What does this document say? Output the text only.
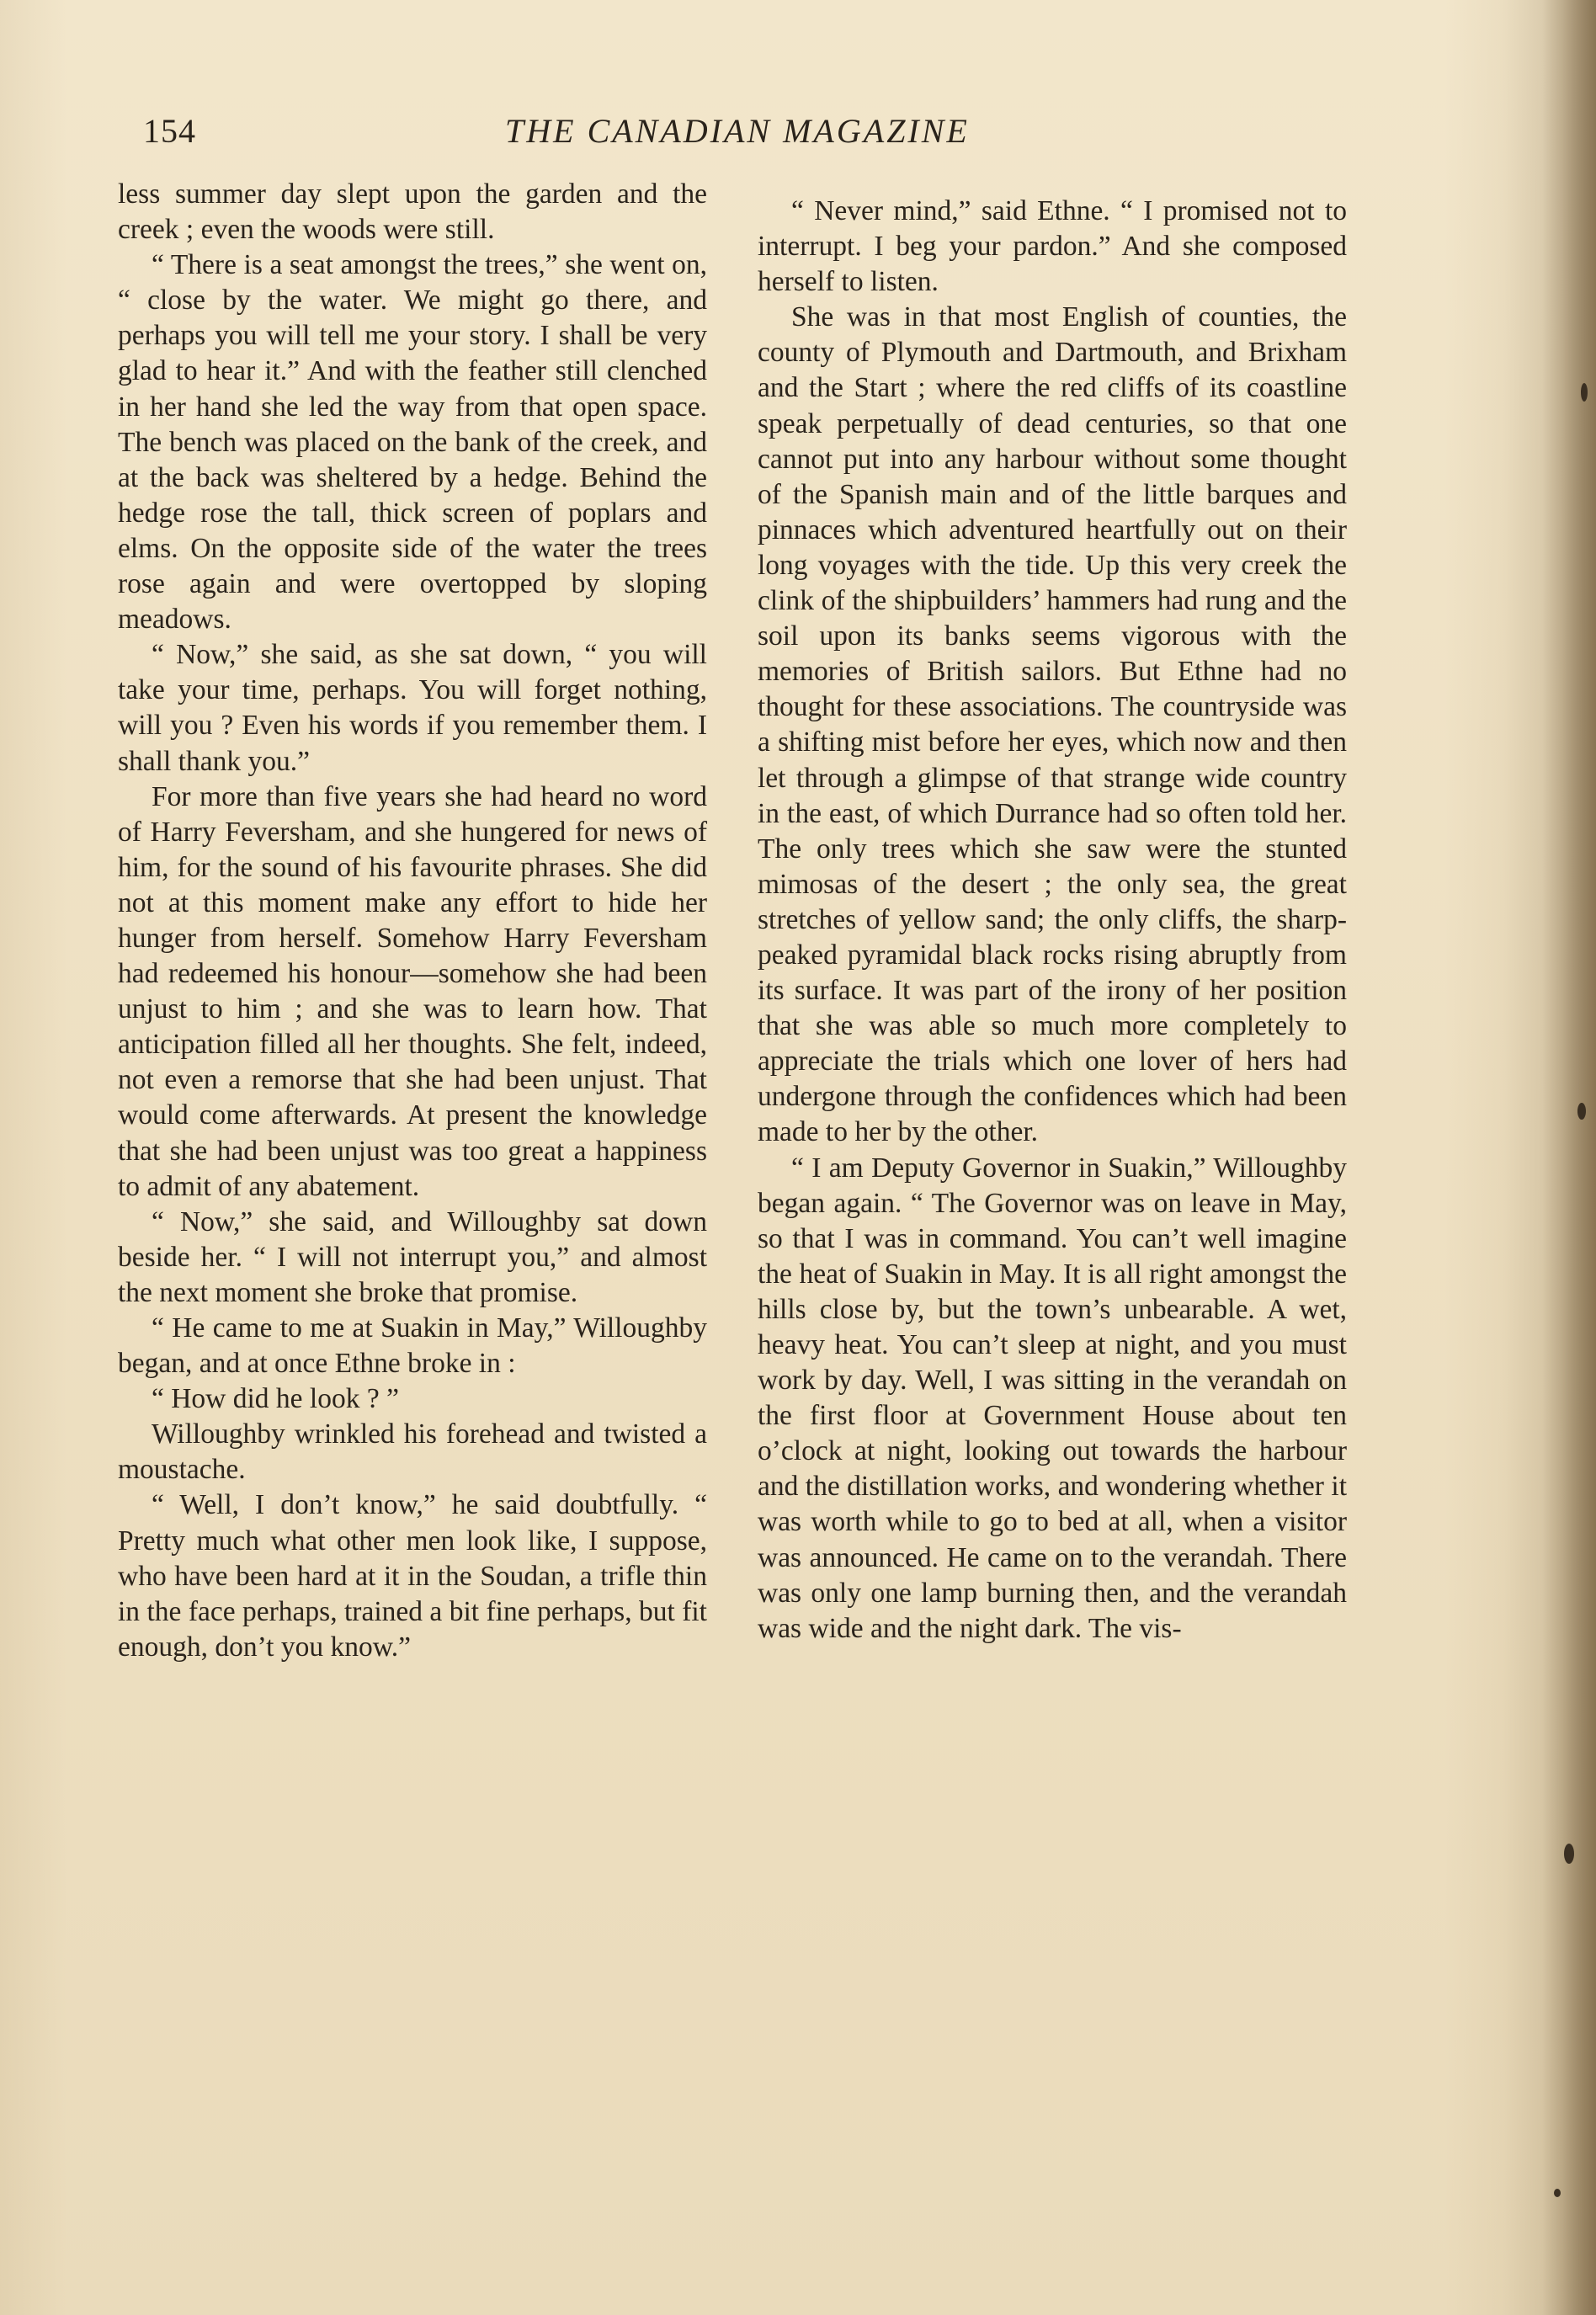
154	THE CANADIAN MAGAZINE

less summer day slept upon the garden and the creek ; even the woods were still.

“ There is a seat amongst the trees,” she went on, “ close by the water. We might go there, and perhaps you will tell me your story. I shall be very glad to hear it.” And with the feather still clenched in her hand she led the way from that open space. The bench was placed on the bank of the creek, and at the back was sheltered by a hedge. Behind the hedge rose the tall, thick screen of poplars and elms. On the opposite side of the water the trees rose again and were overtopped by sloping meadows.

“ Now,” she said, as she sat down, “ you will take your time, perhaps. You will forget nothing, will you ? Even his words if you remember them. I shall thank you.”

For more than five years she had heard no word of Harry Feversham, and she hungered for news of him, for the sound of his favourite phrases. She did not at this moment make any effort to hide her hunger from herself. Somehow Harry Feversham had redeemed his honour—somehow she had been unjust to him ; and she was to learn how. That anticipation filled all her thoughts. She felt, indeed, not even a remorse that she had been unjust. That would come afterwards. At present the knowledge that she had been unjust was too great a happiness to admit of any abatement.

“ Now,” she said, and Willoughby sat down beside her. “ I will not interrupt you,” and almost the next moment she broke that promise.

“ He came to me at Suakin in May,” Willoughby began, and at once Ethne broke in :

“ How did he look ? ”

Willoughby wrinkled his forehead and twisted a moustache.

“ Well, I don’t know,” he said doubtfully. “ Pretty much what other men look like, I suppose, who have been hard at it in the Soudan, a trifle thin in the face perhaps, trained a bit fine perhaps, but fit enough, don’t you know.”

“ Never mind,” said Ethne. “ I promised not to interrupt. I beg your pardon.” And she composed herself to listen.

She was in that most English of counties, the county of Plymouth and Dartmouth, and Brixham and the Start ; where the red cliffs of its coastline speak perpetually of dead centuries, so that one cannot put into any harbour without some thought of the Spanish main and of the little barques and pinnaces which adventured heartfully out on their long voyages with the tide. Up this very creek the clink of the shipbuilders’ hammers had rung and the soil upon its banks seems vigorous with the memories of British sailors. But Ethne had no thought for these associations. The countryside was a shifting mist before her eyes, which now and then let through a glimpse of that strange wide country in the east, of which Durrance had so often told her. The only trees which she saw were the stunted mimosas of the desert ; the only sea, the great stretches of yellow sand; the only cliffs, the sharp-peaked pyramidal black rocks rising abruptly from its surface. It was part of the irony of her position that she was able so much more completely to appreciate the trials which one lover of hers had undergone through the confidences which had been made to her by the other.

“ I am Deputy Governor in Suakin,” Willoughby began again. “ The Governor was on leave in May, so that I was in command. You can’t well imagine the heat of Suakin in May. It is all right amongst the hills close by, but the town’s unbearable. A wet, heavy heat. You can’t sleep at night, and you must work by day. Well, I was sitting in the verandah on the first floor at Government House about ten o’clock at night, looking out towards the harbour and the distillation works, and wondering whether it was worth while to go to bed at all, when a visitor was announced. He came on to the verandah. There was only one lamp burning then, and the verandah was wide and the night dark. The vis-
